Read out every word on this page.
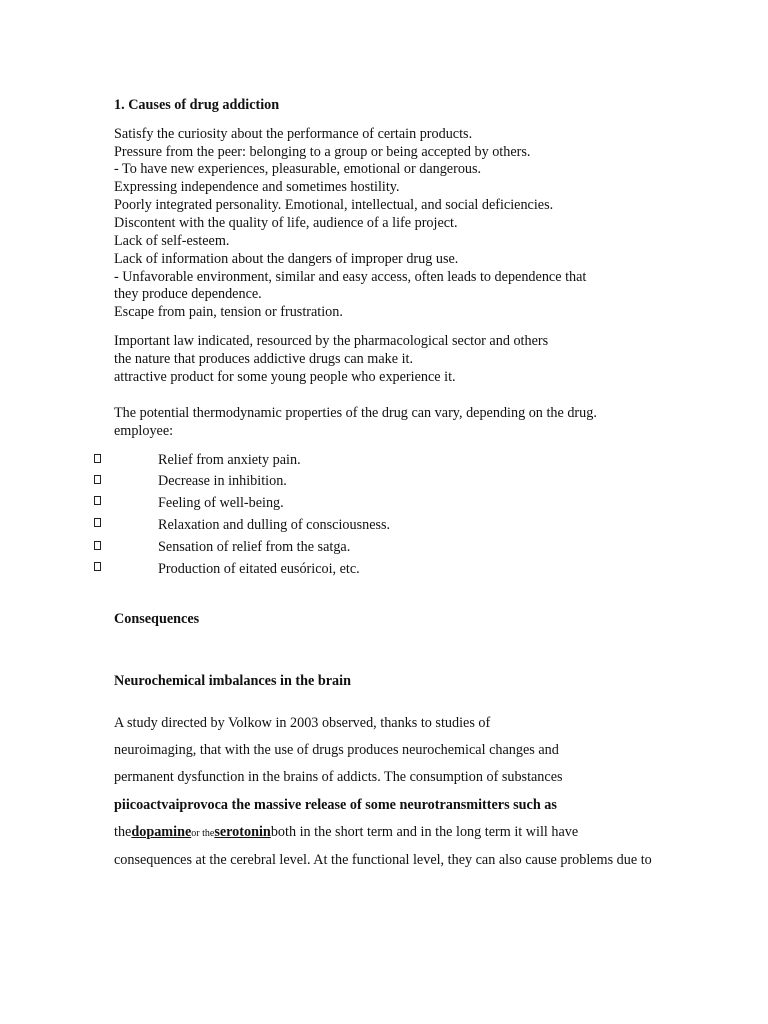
1. Causes of drug addiction
Satisfy the curiosity about the performance of certain products.
Pressure from the peer: belonging to a group or being accepted by others.
- To have new experiences, pleasurable, emotional or dangerous.
Expressing independence and sometimes hostility.
Poorly integrated personality. Emotional, intellectual, and social deficiencies.
Discontent with the quality of life, audience of a life project.
Lack of self-esteem.
Lack of information about the dangers of improper drug use.
- Unfavorable environment, similar and easy access, often leads to dependence that
they produce dependence.
Escape from pain, tension or frustration.
Important law indicated, resourced by the pharmacological sector and others
the nature that produces addictive drugs can make it.
attractive product for some young people who experience it.
The potential thermodynamic properties of the drug can vary, depending on the drug.
employee:
Relief from anxiety pain.
Decrease in inhibition.
Feeling of well-being.
Relaxation and dulling of consciousness.
Sensation of relief from the satga.
Production of eitated eusóricoi, etc.
Consequences
Neurochemical imbalances in the brain
A study directed by Volkow in 2003 observed, thanks to studies of
neuroimaging, that with the use of drugs produces neurochemical changes and
permanent dysfunction in the brains of addicts. The consumption of substances
piicoactvaiprovoca the massive release of some neurotransmitters such as
thedopamineor theserotoninboth in the short term and in the long term it will have
consequences at the cerebral level. At the functional level, they can also cause problems due to
